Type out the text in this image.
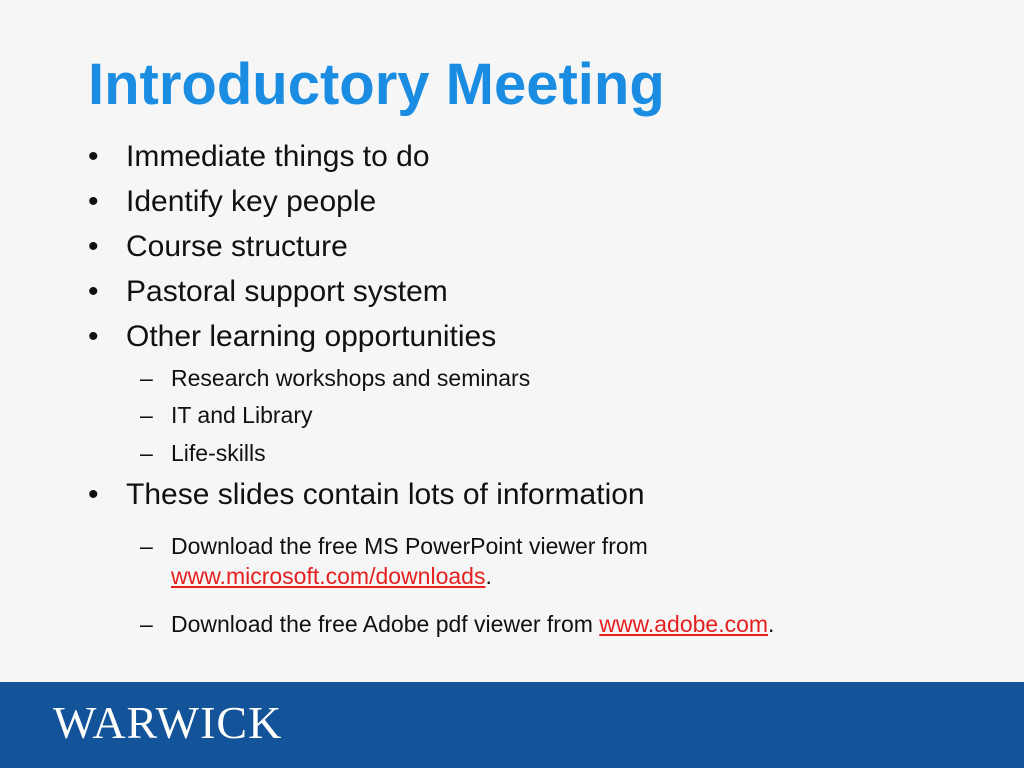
Introductory Meeting
• Immediate things to do
• Identify key people
• Course structure
• Pastoral support system
• Other learning opportunities
– Research workshops and seminars
– IT and Library
– Life-skills
• These slides contain lots of information
– Download the free MS PowerPoint viewer from
www.microsoft.com/downloads.
– Download the free Adobe pdf viewer from www.adobe.com.
WARWICK
